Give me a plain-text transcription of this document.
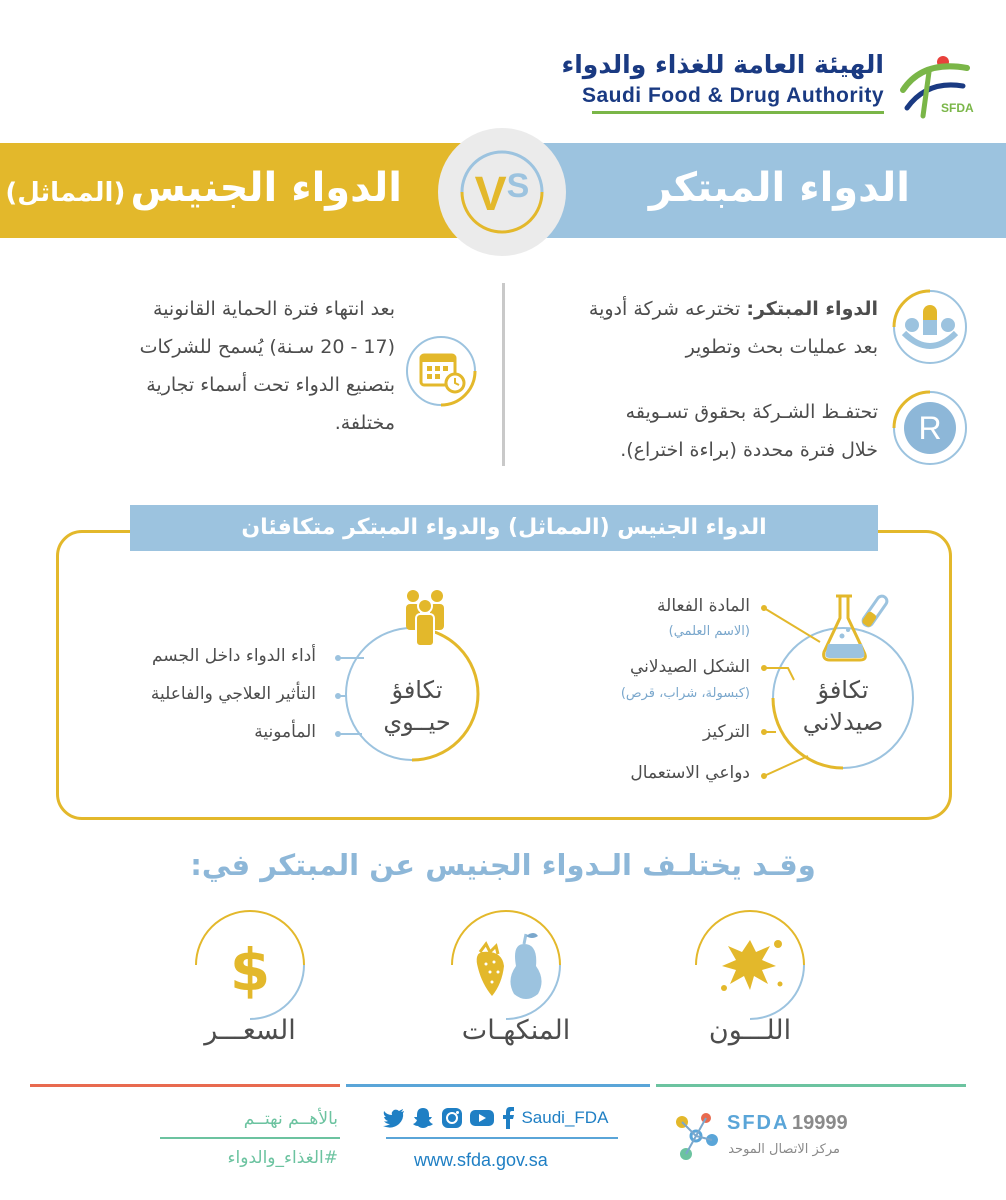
الهيئة العامة للغذاء والدواء
Saudi Food & Drug Authority
SFDA
الدواء المبتكر
الدواء الجنيس (المماثل)	VS
الدواء المبتكر: تخترعه شركة أدوية
بعد عمليات بحث وتطوير
R
تحتفـظ الشـركة بحقوق تسـويقه
خلال فترة محددة (براءة اختراع).
بعد انتهاء فترة الحماية القانونية
(17 - 20 سـنة) يُسمح للشركات
بتصنيع الدواء تحت أسماء تجارية
مختلفة.
الدواء الجنيس (المماثل) والدواء المبتكر متكافئان
تكافؤ
صيدلاني
المادة الفعالة
(الاسم العلمي)
الشكل الصيدلاني
(كبسولة، شراب، قرص)
التركيز
دواعي الاستعمال
تكافؤ
حيــوي
أداء الدواء داخل الجسم
التأثير العلاجي والفاعلية
المأمونية
وقـد يختلـف الـدواء الجنيس عن المبتكر في:
اللـــون
المنكهـات
$
السعـــر
SFDA 19999
مركز الاتصال الموحد
Saudi_FDA
www.sfda.gov.sa
بالأهــم نهتــم
#الغذاء_والدواء
